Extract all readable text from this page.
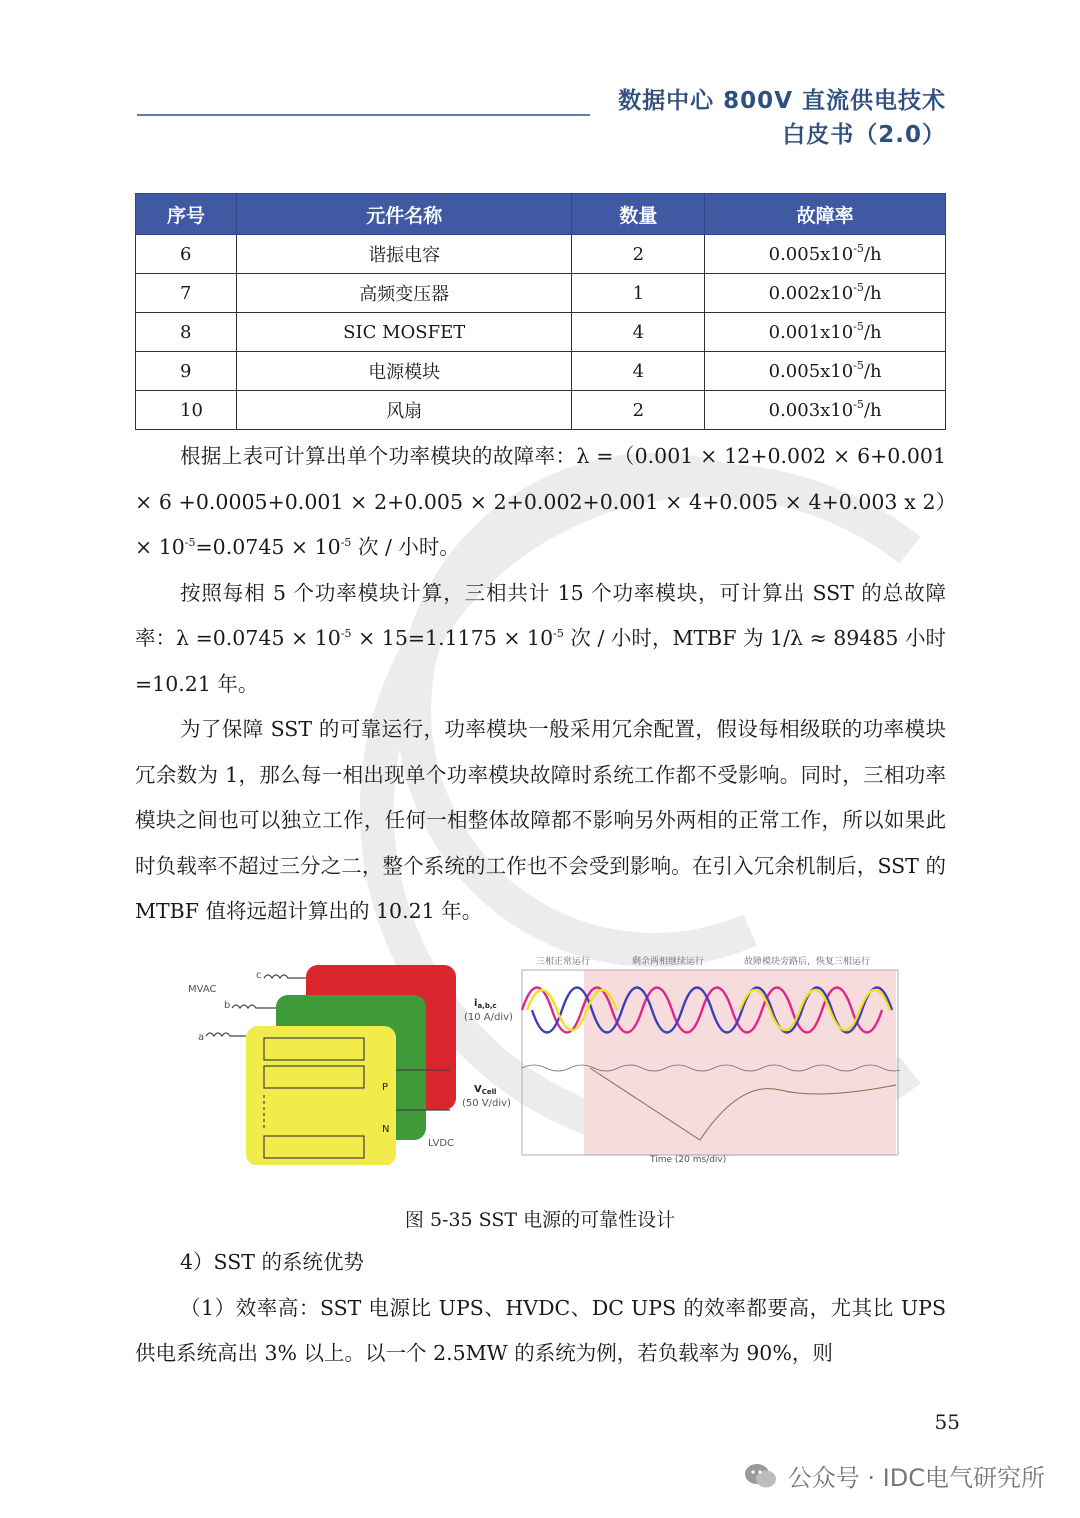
数据中心 800V 直流供电技术
白皮书（2.0）
序号	元件名称	数量	故障率
6	谐振电容	2	$0.005x10^{-5}/h$
7	高频变压器	1	$0.002x10^{-5}/h$
8	SIC MOSFET	4	$0.001x10^{-5}/h$
9	电源模块	4	$0.005x10^{-5}/h$
10	风扇	2	$0.003x10^{-5}/h$

根据上表可计算出单个功率模块的故障率：λ =（0.001 × 12+0.002 × 6+0.001 × 6 +0.0005+0.001 × 2+0.005 × 2+0.002+0.001 × 4+0.005 × 4+0.003 x $2)\times 10^{-5}=0.0745 \times 10^{-5}$ 次 / 小时。

按照每相 5 个功率模块计算，三相共计 15 个功率模块，可计算出 SST 的总故障率：$\lambda =0.0745 \times 10^{-5} \times 15=1.1175 \times 10^{-5}$ 次 / 小时，MTBF 为 1/λ ≈ 89485 小时 =10.21 年。

为了保障 SST 的可靠运行，功率模块一般采用冗余配置，假设每相级联的功率模块冗余数为 1，那么每一相出现单个功率模块故障时系统工作都不受影响。同时，三相功率模块之间也可以独立工作，任何一相整体故障都不影响另外两相的正常工作，所以如果此时负载率不超过三分之二，整个系统的工作也不会受到影响。在引入冗余机制后，SST 的 MTBF 值将远超计算出的 10.21 年。

MVAC
c
b
a
P
N
LVDC
$i_{a,b,c}$
(10 A/div)
$V_{Cell}$
(50 V/div)
三相正常运行	剩余两相继续运行	故障模块旁路后，恢复三相运行
Time (20 ms/div)
图 5-35 SST 电源的可靠性设计

4）SST 的系统优势

（1）效率高：SST 电源比 UPS、HVDC、DC UPS 的效率都要高，尤其比 UPS 供电系统高出 3% 以上。以一个 2.5MW 的系统为例，若负载率为 90%，则

55
公众号 · IDC电气研究所
